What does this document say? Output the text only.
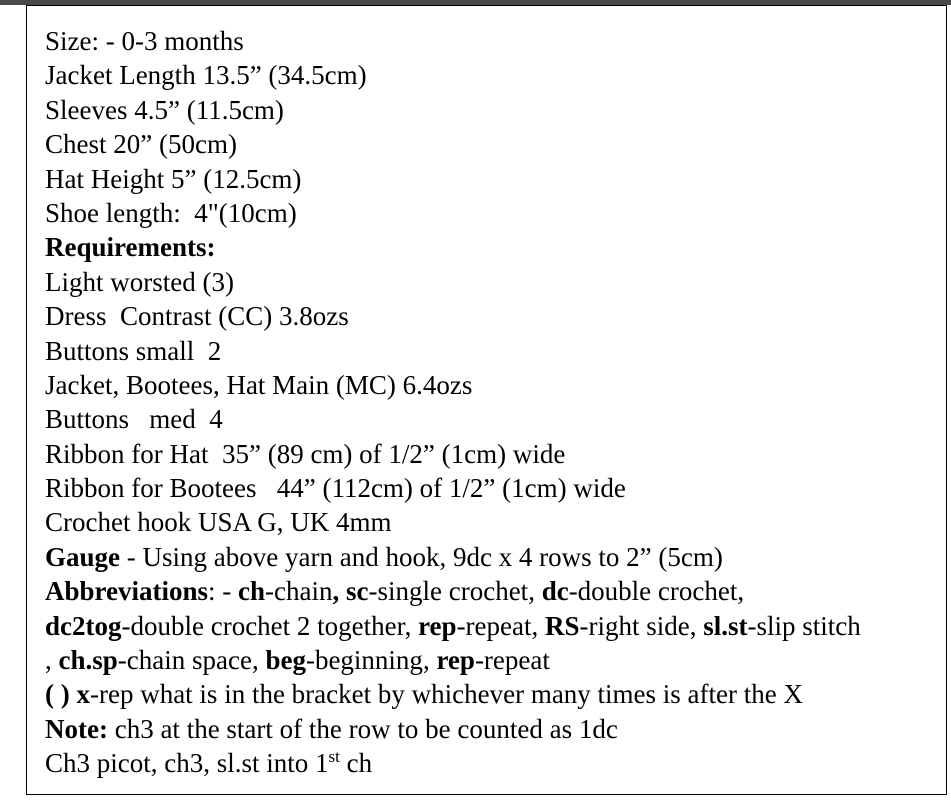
Size: - 0-3 months
Jacket Length 13.5” (34.5cm)
Sleeves 4.5” (11.5cm)
Chest 20” (50cm)
Hat Height 5” (12.5cm)
Shoe length:  4"(10cm)
Requirements:
Light worsted (3)
Dress  Contrast (CC) 3.8ozs
Buttons small  2
Jacket, Bootees, Hat Main (MC) 6.4ozs
Buttons   med  4
Ribbon for Hat  35” (89 cm) of 1/2” (1cm) wide
Ribbon for Bootees   44” (112cm) of 1/2” (1cm) wide
Crochet hook USA G, UK 4mm
Gauge - Using above yarn and hook, 9dc x 4 rows to 2” (5cm)
Abbreviations: - ch-chain, sc-single crochet, dc-double crochet,
dc2tog-double crochet 2 together, rep-repeat, RS-right side, sl.st-slip stitch
, ch.sp-chain space, beg-beginning, rep-repeat
( ) x-rep what is in the bracket by whichever many times is after the X
Note: ch3 at the start of the row to be counted as 1dc
Ch3 picot, ch3, sl.st into 1st ch
